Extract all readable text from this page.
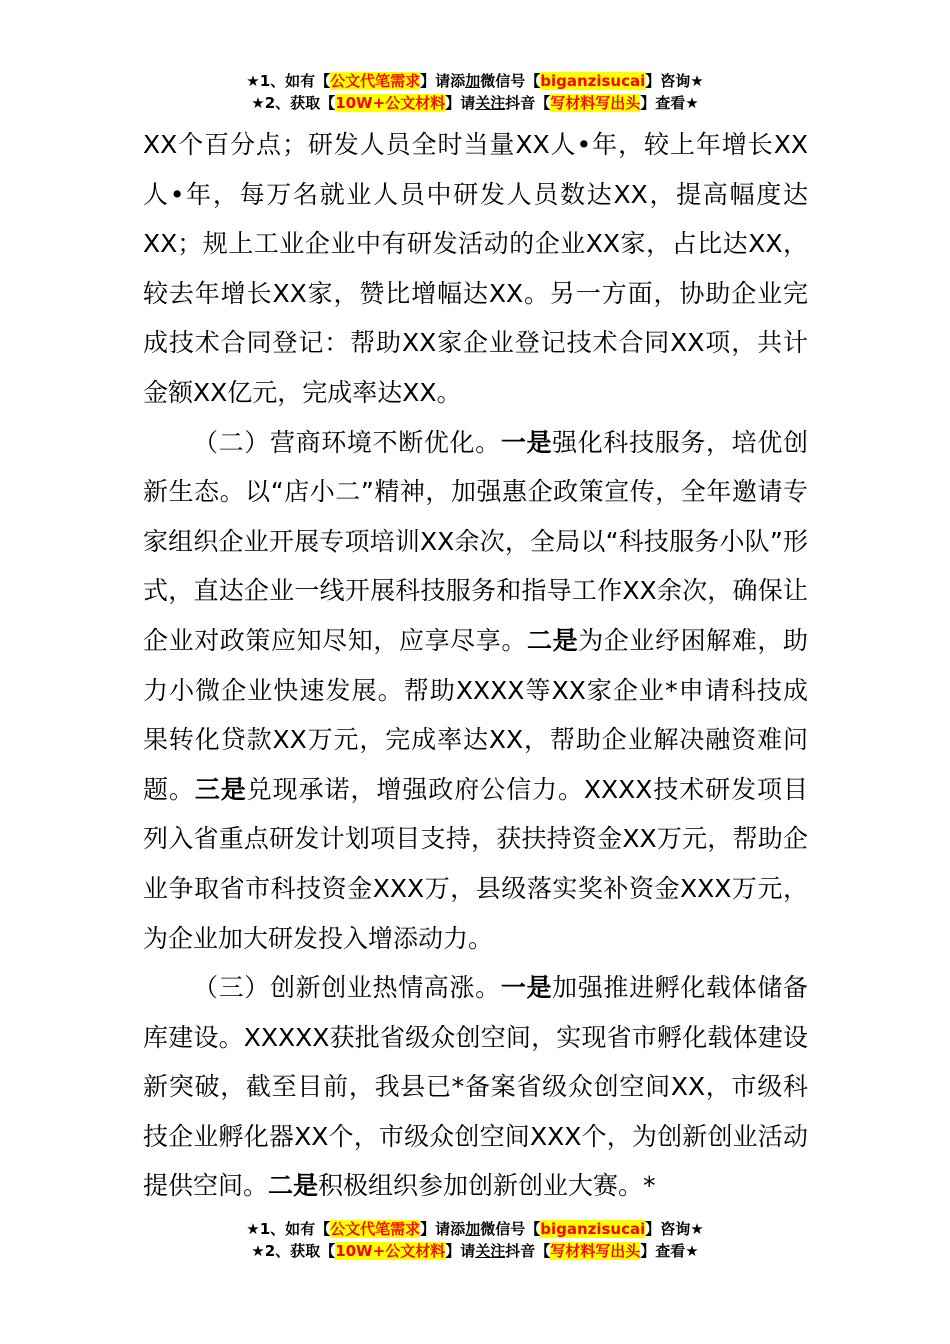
★1、如有【公文代笔需求】请添加微信号【biganzisucai】咨询★
★2、获取【10W+公文材料】请关注抖音【写材料写出头】查看★

XX个百分点；研发人员全时当量XX人•年，较上年增长XX人•年，每万名就业人员中研发人员数达XX，提高幅度达XX；规上工业企业中有研发活动的企业XX家，占比达XX，较去年增长XX家，赞比增幅达XX。另一方面，协助企业完成技术合同登记：帮助XX家企业登记技术合同XX项，共计金额XX亿元，完成率达XX。

（二）营商环境不断优化。一是强化科技服务，培优创新生态。以“店小二”精神，加强惠企政策宣传，全年邀请专家组织企业开展专项培训XX余次，全局以“科技服务小队”形式，直达企业一线开展科技服务和指导工作XX余次，确保让企业对政策应知尽知，应享尽享。二是为企业纾困解难，助力小微企业快速发展。帮助XXXX等XX家企业*申请科技成果转化贷款XX万元，完成率达XX，帮助企业解决融资难问题。三是兑现承诺，增强政府公信力。XXXX技术研发项目列入省重点研发计划项目支持，获扶持资金XX万元，帮助企业争取省市科技资金XXX万，县级落实奖补资金XXX万元，为企业加大研发投入增添动力。

（三）创新创业热情高涨。一是加强推进孵化载体储备库建设。XXXXX获批省级众创空间，实现省市孵化载体建设新突破，截至目前，我县已*备案省级众创空间XX，市级科技企业孵化器XX个，市级众创空间XXX个，为创新创业活动提供空间。二是积极组织参加创新创业大赛。*

★1、如有【公文代笔需求】请添加微信号【biganzisucai】咨询★
★2、获取【10W+公文材料】请关注抖音【写材料写出头】查看★
